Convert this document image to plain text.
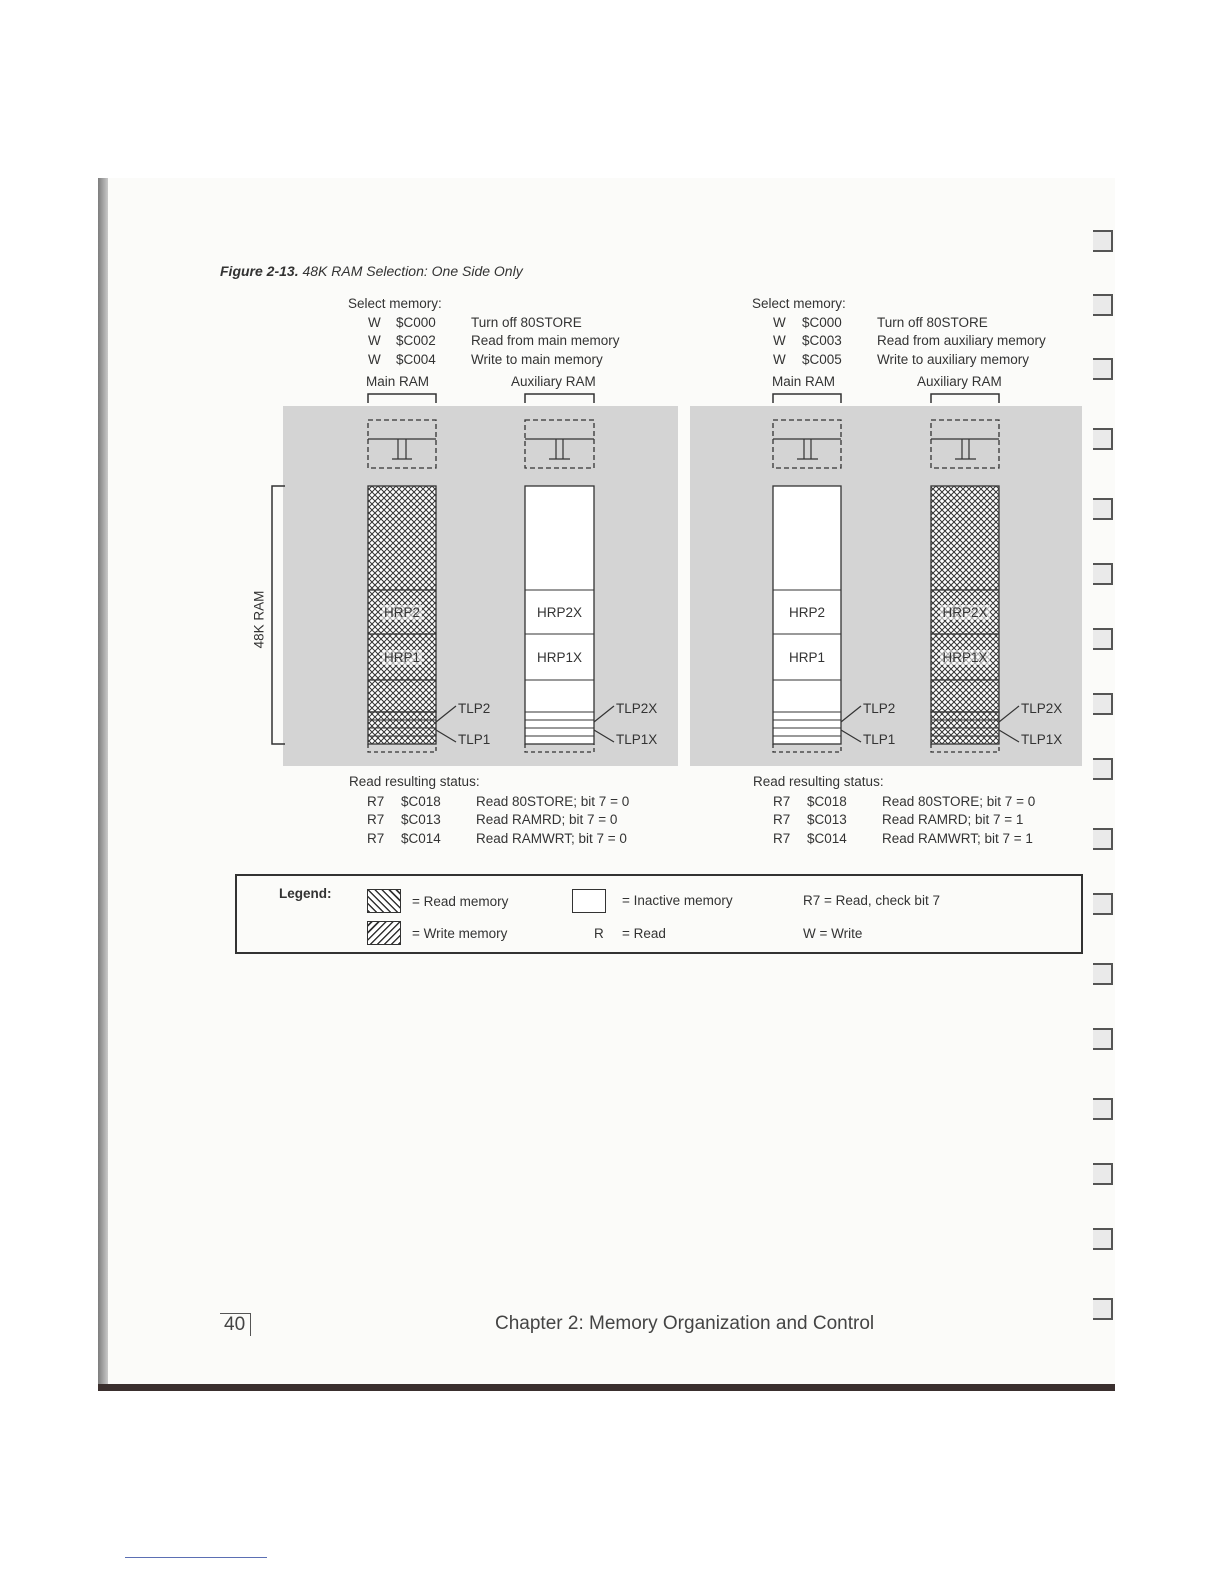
Figure 2-13. 48K RAM Selection: One Side Only
Select memory:
W $C000	Turn off 80STORE
W $C002	Read from main memory
W $C004	Write to main memory
Main RAM	Auxiliary RAM
Select memory:
W $C000	Turn off 80STORE
W $C003	Read from auxiliary memory
W $C005	Write to auxiliary memory
Main RAM	Auxiliary RAM
HRP2
HRP1
HRP2X
HRP1X
HRP2
HRP1
HRP2X
HRP1X
TLP2
TLP1
TLP2X
TLP1X
TLP2
TLP1
TLP2X
TLP1X
48K RAM
Read resulting status:
R7 $C018	Read 80STORE; bit 7 = 0
R7 $C013	Read RAMRD; bit 7 = 0
R7 $C014	Read RAMWRT; bit 7 = 0
Read resulting status:
R7 $C018	Read 80STORE; bit 7 = 0
R7 $C013	Read RAMRD; bit 7 = 1
R7 $C014	Read RAMWRT; bit 7 = 1
Legend:
= Read memory
= Write memory
= Inactive memory
R = Read
R7 = Read, check bit 7
W = Write
40	Chapter 2: Memory Organization and Control
